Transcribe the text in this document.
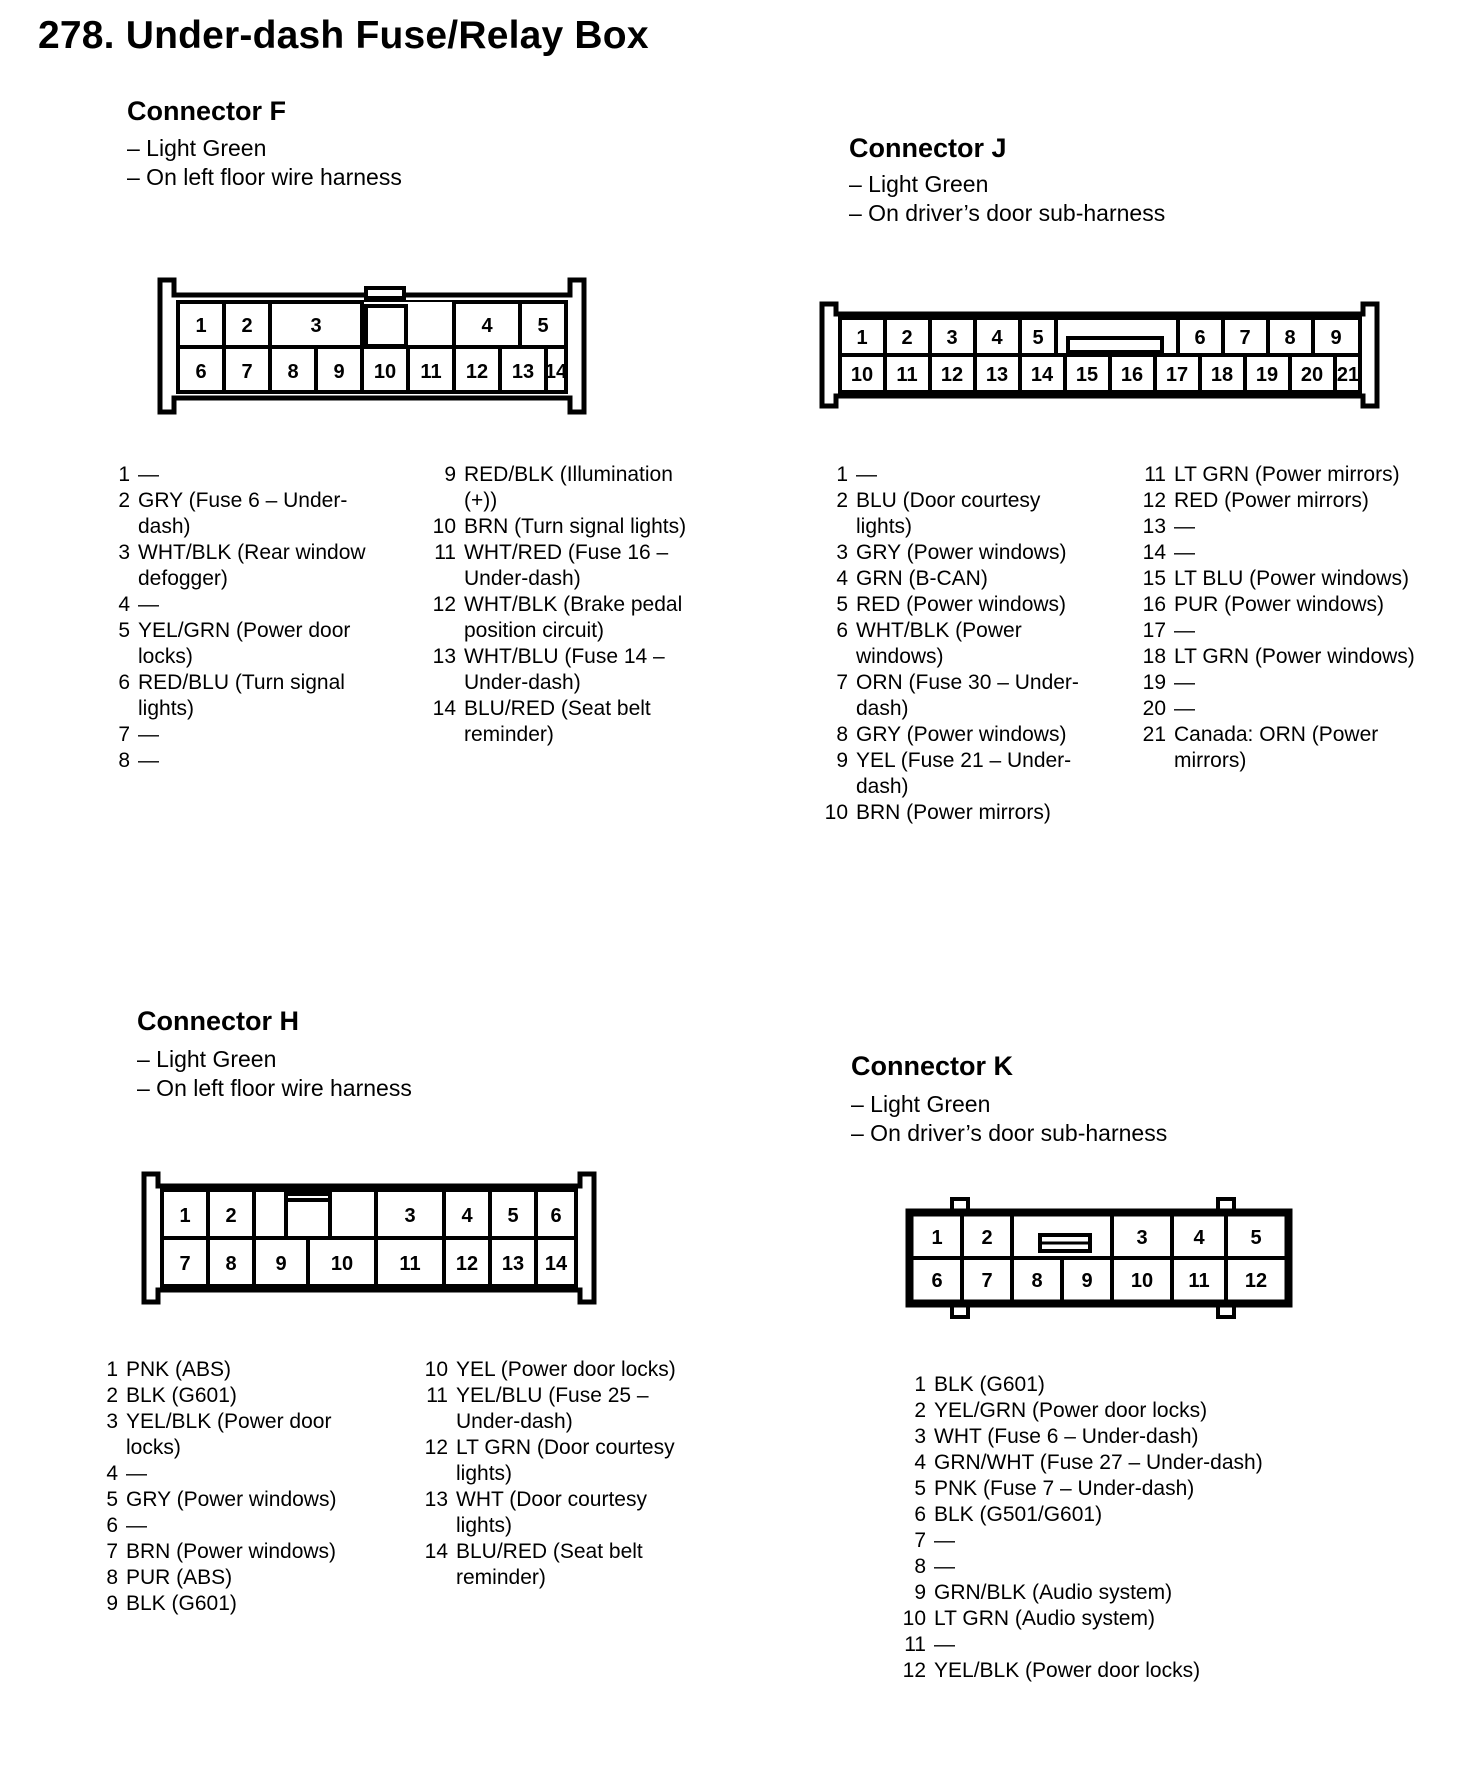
278. Under-dash Fuse/Relay Box
Connector F
– Light Green
– On left floor wire harness
1 2	3	4 5
6 7 8 9 10 11 12 13 14
1 —
2 GRY (Fuse 6 – Under-dash)
3 WHT/BLK (Rear window defogger)
4 —
5 YEL/GRN (Power door locks)
6 RED/BLU (Turn signal lights)
7 —
8 —
9 RED/BLK (Illumination (+))
10 BRN (Turn signal lights)
11 WHT/RED (Fuse 16 – Under-dash)
12 WHT/BLK (Brake pedal position circuit)
13 WHT/BLU (Fuse 14 – Under-dash)
14 BLU/RED (Seat belt reminder)
Connector J
– Light Green
– On driver’s door sub-harness
1 2 3 4 5	6 7 8 9
10 11 12 13 14 15 16 17 18 19 20 21
1 —
2 BLU (Door courtesy lights)
3 GRY (Power windows)
4 GRN (B-CAN)
5 RED (Power windows)
6 WHT/BLK (Power windows)
7 ORN (Fuse 30 – Under-dash)
8 GRY (Power windows)
9 YEL (Fuse 21 – Under-dash)
10 BRN (Power mirrors)
11 LT GRN (Power mirrors)
12 RED (Power mirrors)
13 —
14 —
15 LT BLU (Power windows)
16 PUR (Power windows)
17 —
18 LT GRN (Power windows)
19 —
20 —
21 Canada: ORN (Power mirrors)
Connector H
– Light Green
– On left floor wire harness
1 2	3 4 5 6
7 8 9 10 11 12 13 14
1 PNK (ABS)
2 BLK (G601)
3 YEL/BLK (Power door locks)
4 —
5 GRY (Power windows)
6 —
7 BRN (Power windows)
8 PUR (ABS)
9 BLK (G601)
10 YEL (Power door locks)
11 YEL/BLU (Fuse 25 – Under-dash)
12 LT GRN (Door courtesy lights)
13 WHT (Door courtesy lights)
14 BLU/RED (Seat belt reminder)
Connector K
– Light Green
– On driver’s door sub-harness
1 2	3 4 5
6 7 8 9 10 11 12
1 BLK (G601)
2 YEL/GRN (Power door locks)
3 WHT (Fuse 6 – Under-dash)
4 GRN/WHT (Fuse 27 – Under-dash)
5 PNK (Fuse 7 – Under-dash)
6 BLK (G501/G601)
7 —
8 —
9 GRN/BLK (Audio system)
10 LT GRN (Audio system)
11 —
12 YEL/BLK (Power door locks)
